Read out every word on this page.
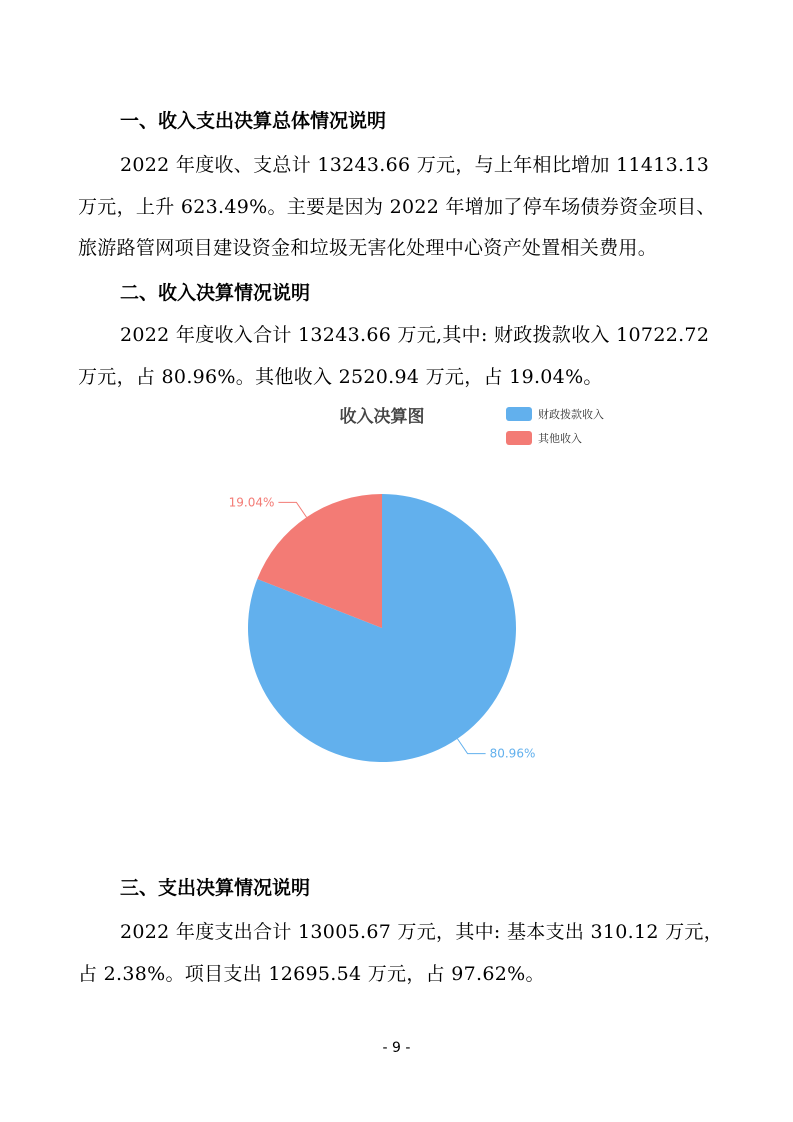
一、收入支出决算总体情况说明
2022 年度收、支总计 13243.66 万元，与上年相比增加 11413.13
万元，上升 623.49%。主要是因为 2022 年增加了停车场债券资金项目、
旅游路管网项目建设资金和垃圾无害化处理中心资产处置相关费用。
二、收入决算情况说明
2022 年度收入合计 13243.66 万元,其中: 财政拨款收入 10722.72
万元，占 80.96%。其他收入 2520.94 万元，占 19.04%。
收入决算图	财政拨款收入
其他收入
80.96%
19.04%
三、支出决算情况说明
2022 年度支出合计 13005.67 万元，其中: 基本支出 310.12 万元，
占 2.38%。项目支出 12695.54 万元，占 97.62%。
- 9 -
